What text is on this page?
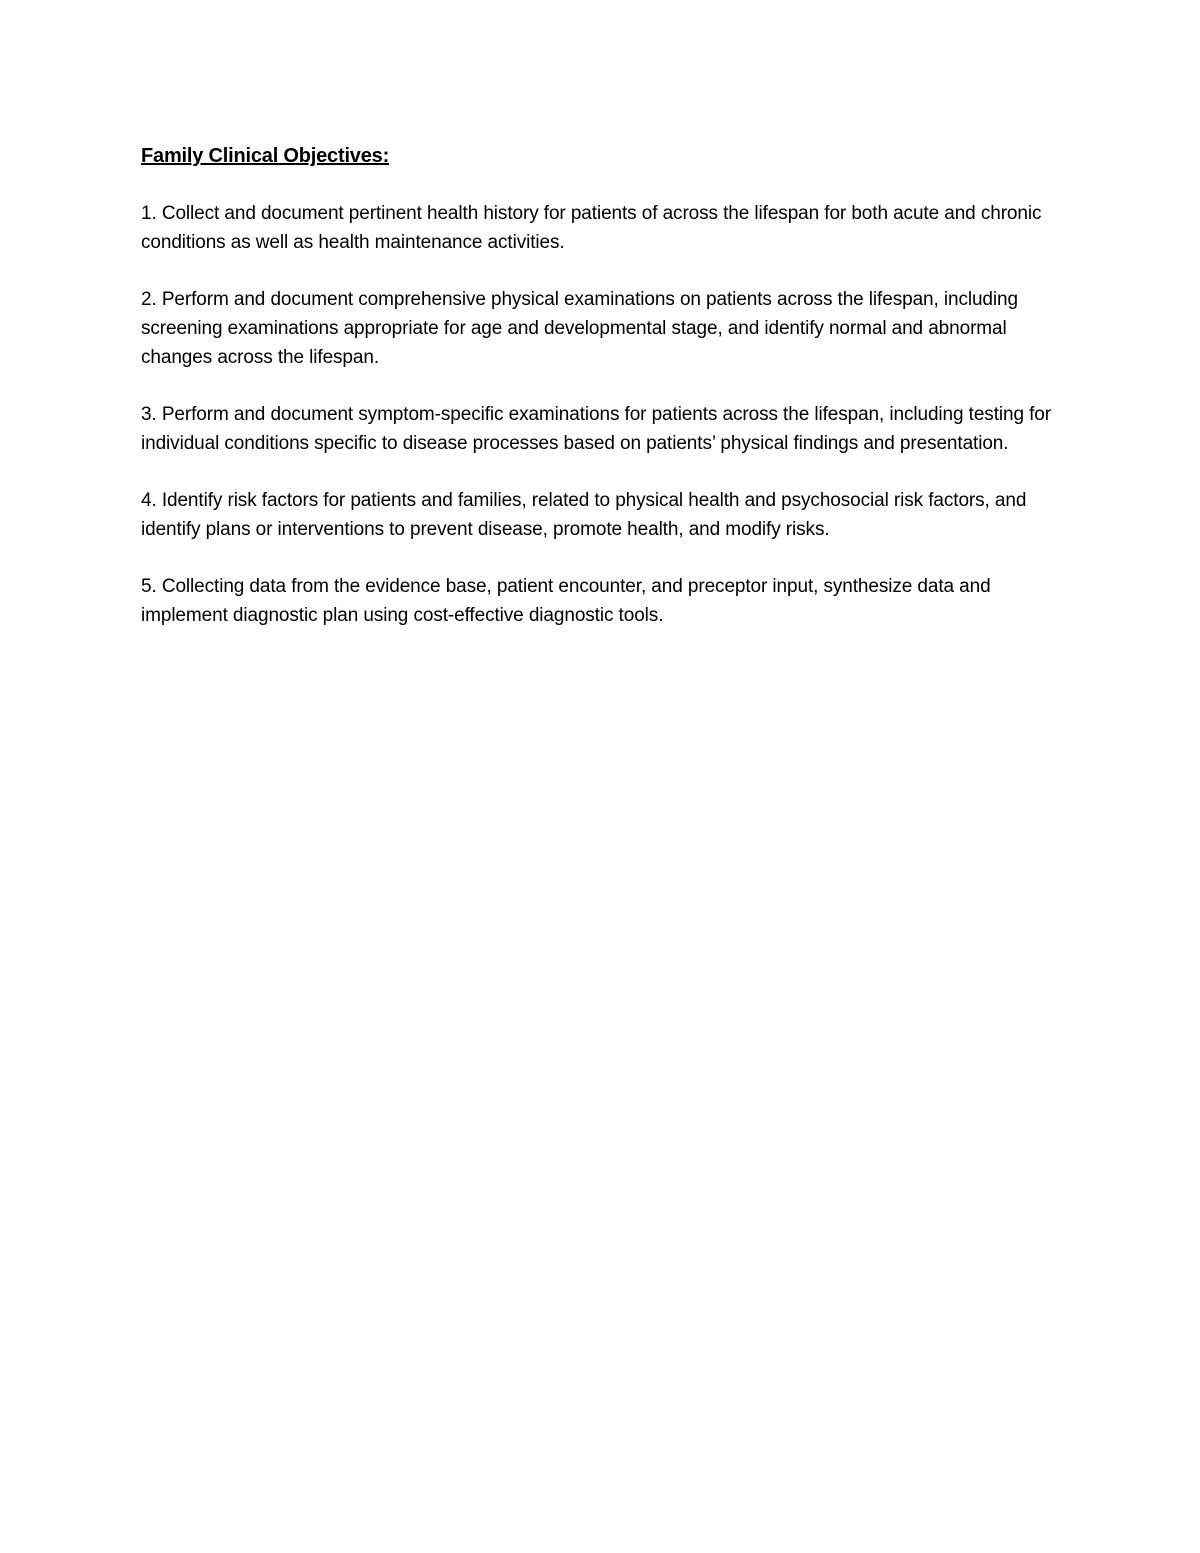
Family Clinical Objectives:

1. Collect and document pertinent health history for patients of across the lifespan for both acute and chronic conditions as well as health maintenance activities.

2. Perform and document comprehensive physical examinations on patients across the lifespan, including screening examinations appropriate for age and developmental stage, and identify normal and abnormal changes across the lifespan.

3. Perform and document symptom-specific examinations for patients across the lifespan, including testing for individual conditions specific to disease processes based on patients’ physical findings and presentation.

4. Identify risk factors for patients and families, related to physical health and psychosocial risk factors, and identify plans or interventions to prevent disease, promote health, and modify risks.

5. Collecting data from the evidence base, patient encounter, and preceptor input, synthesize data and implement diagnostic plan using cost-effective diagnostic tools.
